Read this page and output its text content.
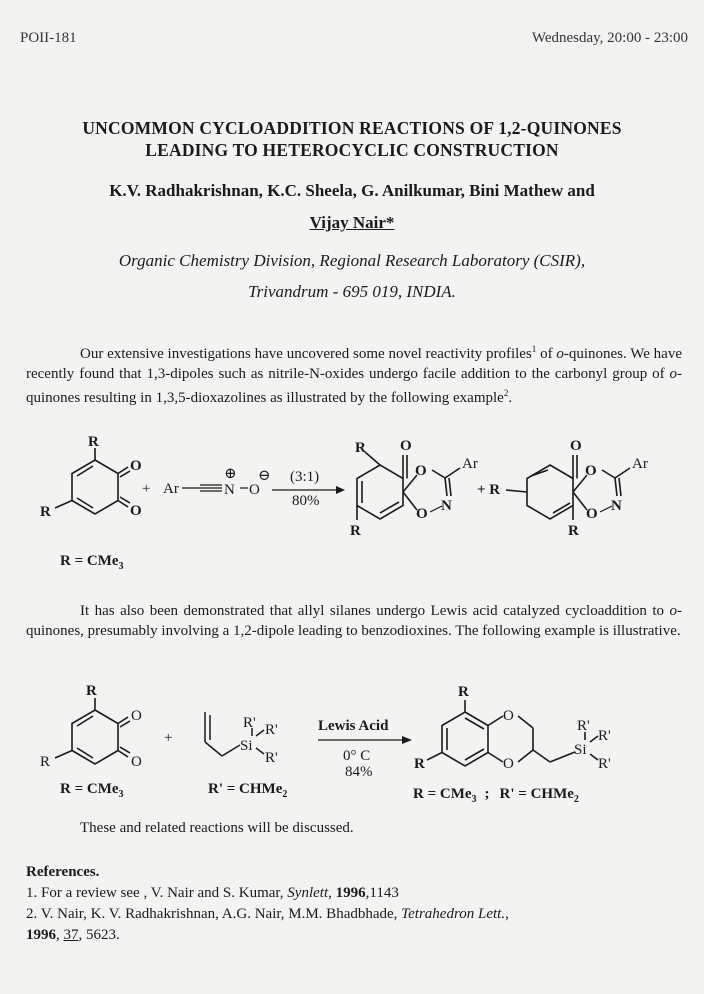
POII-181	Wednesday, 20:00 - 23:00
UNCOMMON CYCLOADDITION REACTIONS OF 1,2-QUINONES
LEADING TO HETEROCYCLIC CONSTRUCTION
K.V. Radhakrishnan, K.C. Sheela, G. Anilkumar, Bini Mathew and
Vijay Nair*
Organic Chemistry Division, Regional Research Laboratory (CSIR),
Trivandrum - 695 019, INDIA.

Our extensive investigations have uncovered some novel reactivity profiles$^1$ of o-quinones. We have recently found that 1,3-dipoles such as nitrile-N-oxides undergo facile addition to the carbonyl group of o-quinones resulting in 1,3,5-dioxazolines as illustrated by the following example$^2$.

R
O
O
R
+ Ar	N
⊕
O
⊖ (3:1)
80%
R O
O Ar
N
O
R
+ R
O
O Ar
N
O
R
R = CMe$_3$

It has also been demonstrated that allyl silanes undergo Lewis acid catalyzed cycloaddition to o-quinones, presumably involving a 1,2-dipole leading to benzodioxines. The following example is illustrative.

R
O
O
R
+
R' R'
Si
R'
Lewis Acid
0° C
84%
R
O
O
R
R'
R'
Si
R'
R = CMe$_3$	R' = CHMe$_2$	R = CMe$_3$ ; R' = CHMe$_2$
These and related reactions will be discussed.
References.
1. For a review see , V. Nair and S. Kumar, Synlett, 1996,1143
2. V. Nair, K. V. Radhakrishnan, A.G. Nair, M.M. Bhadbhade, Tetrahedron Lett.,
1996, 37, 5623.
